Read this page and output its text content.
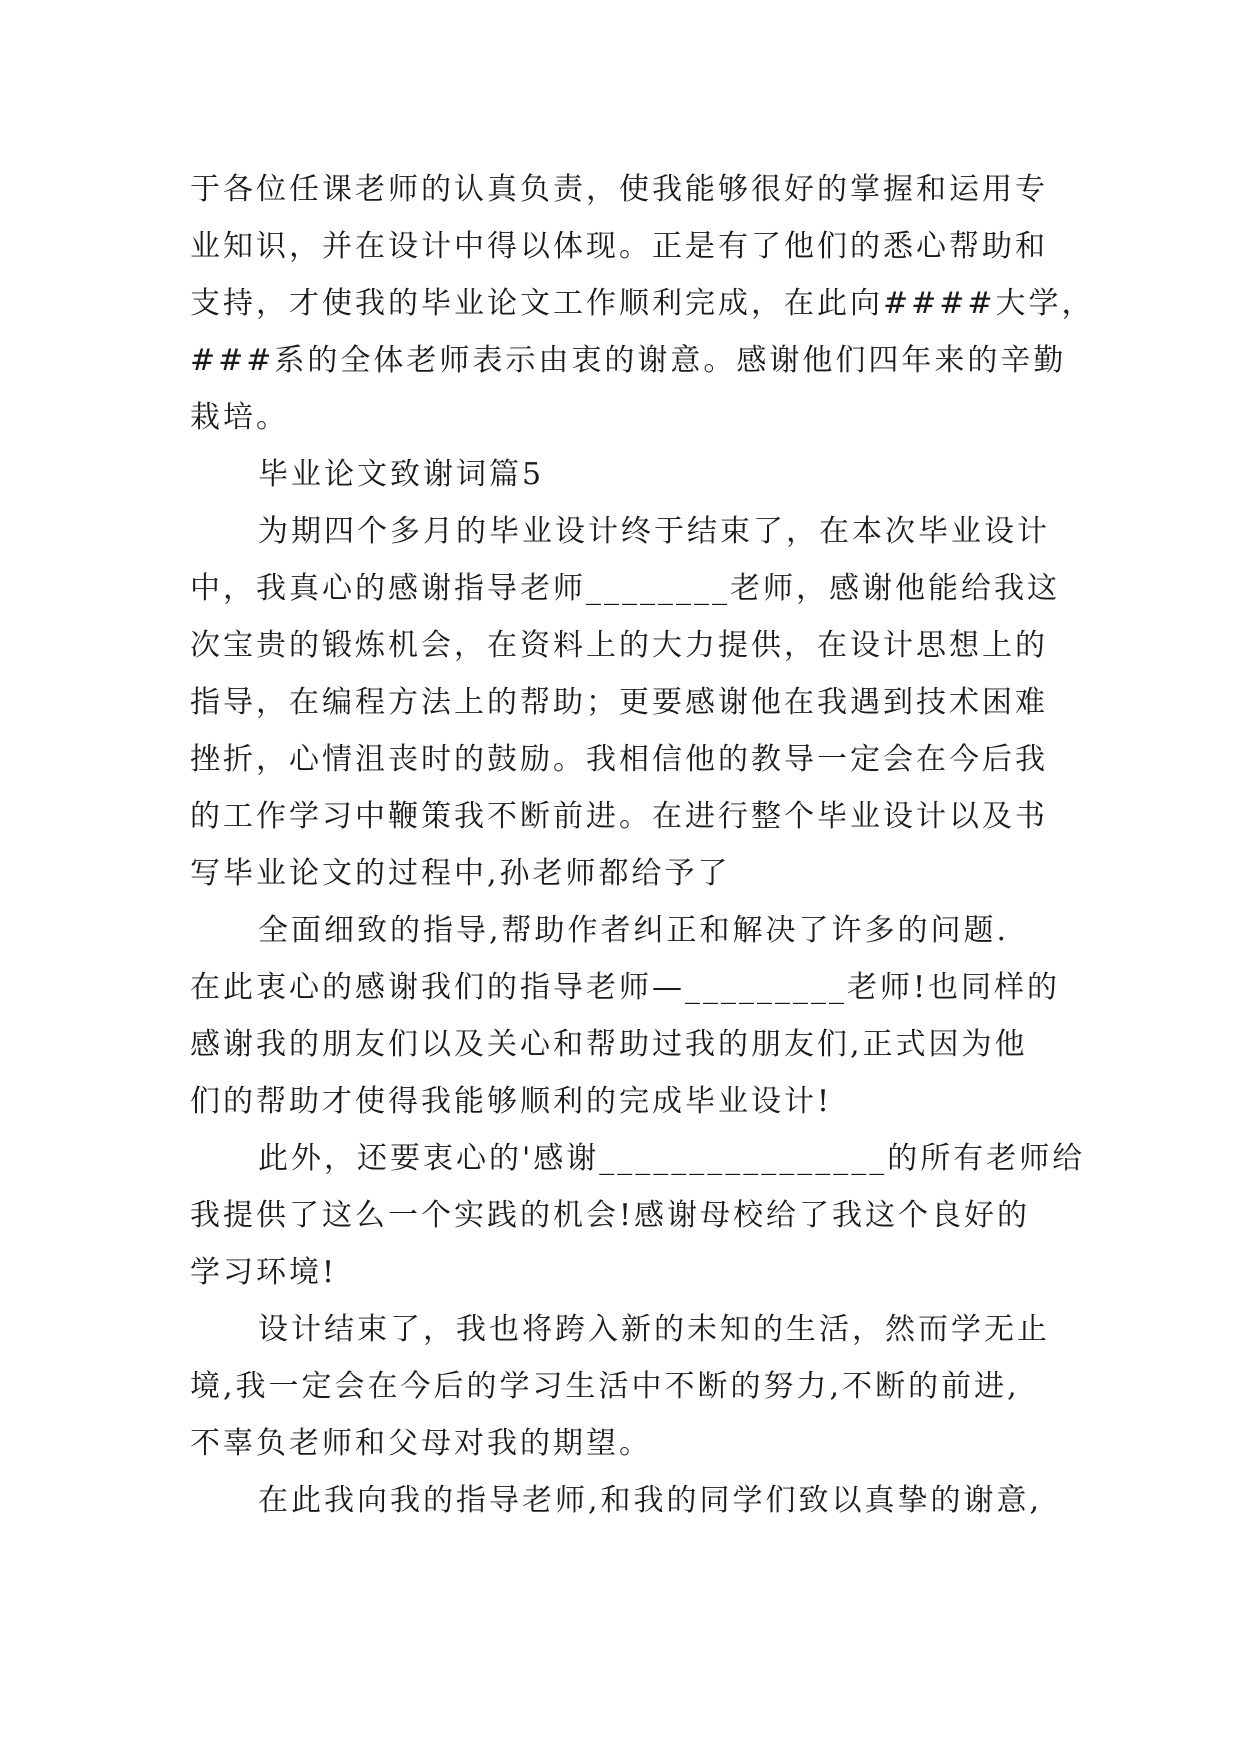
于各位任课老师的认真负责，使我能够很好的掌握和运用专
业知识，并在设计中得以体现。正是有了他们的悉心帮助和
支持，才使我的毕业论文工作顺利完成，在此向####大学，
###系的全体老师表示由衷的谢意。感谢他们四年来的辛勤
栽培。
毕业论文致谢词篇5
为期四个多月的毕业设计终于结束了，在本次毕业设计
中，我真心的感谢指导老师________老师，感谢他能给我这
次宝贵的锻炼机会，在资料上的大力提供，在设计思想上的
指导，在编程方法上的帮助；更要感谢他在我遇到技术困难
挫折，心情沮丧时的鼓励。我相信他的教导一定会在今后我
的工作学习中鞭策我不断前进。在进行整个毕业设计以及书
写毕业论文的过程中,孙老师都给予了
全面细致的指导,帮助作者纠正和解决了许多的问题.
在此衷心的感谢我们的指导老师—_________老师!也同样的
感谢我的朋友们以及关心和帮助过我的朋友们,正式因为他
们的帮助才使得我能够顺利的完成毕业设计!
此外，还要衷心的'感谢________________的所有老师给
我提供了这么一个实践的机会!感谢母校给了我这个良好的
学习环境!
设计结束了，我也将跨入新的未知的生活，然而学无止
境,我一定会在今后的学习生活中不断的努力,不断的前进,
不辜负老师和父母对我的期望。
在此我向我的指导老师,和我的同学们致以真挚的谢意,
